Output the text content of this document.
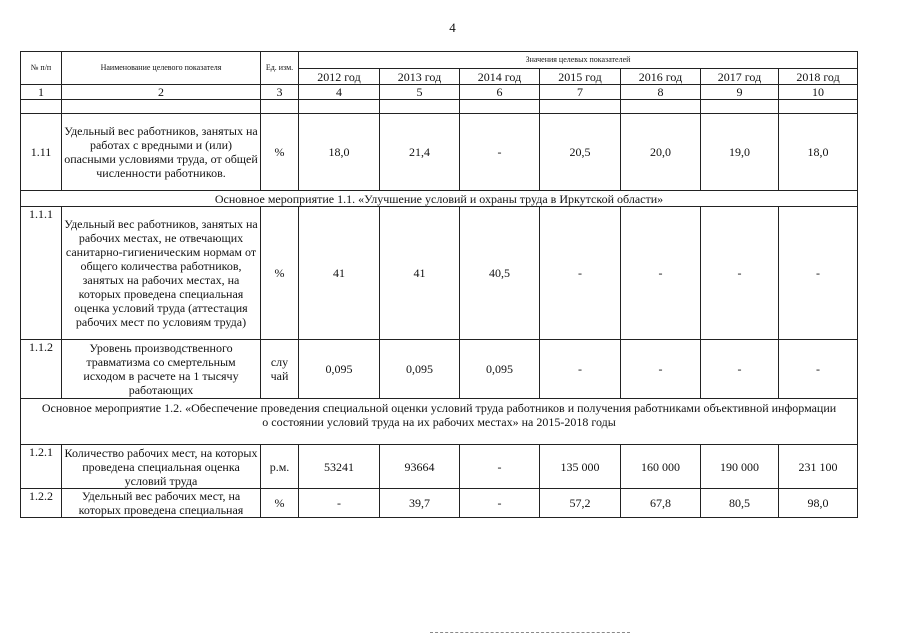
4
№ п/п	Наименование целевого показателя	Ед. изм.	Значения целевых показателей						
			2012 год	2013 год	2014 год	2015 год	2016 год	2017 год	2018 год
1	2	3	4	5	6	7	8	9	10

1.11	Удельный вес работников, занятых на работах с вредными и (или) опасными условиями труда, от общей численности работников.	%	18,0	21,4	-	20,5	20,0	19,0	18,0
Основное мероприятие 1.1. «Улучшение условий и охраны труда в Иркутской области»									
1.1.1	Удельный вес работников, занятых на рабочих местах, не отвечающих санитарно-гигиеническим нормам от общего количества работников, занятых на рабочих местах, на которых проведена специальная оценка условий труда (аттестация рабочих мест по условиям труда)	%	41	41	40,5	-	-	-	-
1.1.2	Уровень производственного травматизма со смертельным исходом в расчете на 1 тысячу работающих	слу чай	0,095	0,095	0,095	-	-	-	-
Основное мероприятие 1.2. «Обеспечение проведения специальной оценки условий труда работников и получения работниками объективной информации о состоянии условий труда на их рабочих местах» на 2015-2018 годы									
1.2.1	Количество рабочих мест, на которых проведена специальная оценка условий труда	р.м.	53241	93664	-	135 000	160 000	190 000	231 100
1.2.2	Удельный вес рабочих мест, на которых проведена специальная	%	-	39,7	-	57,2	67,8	80,5	98,0
